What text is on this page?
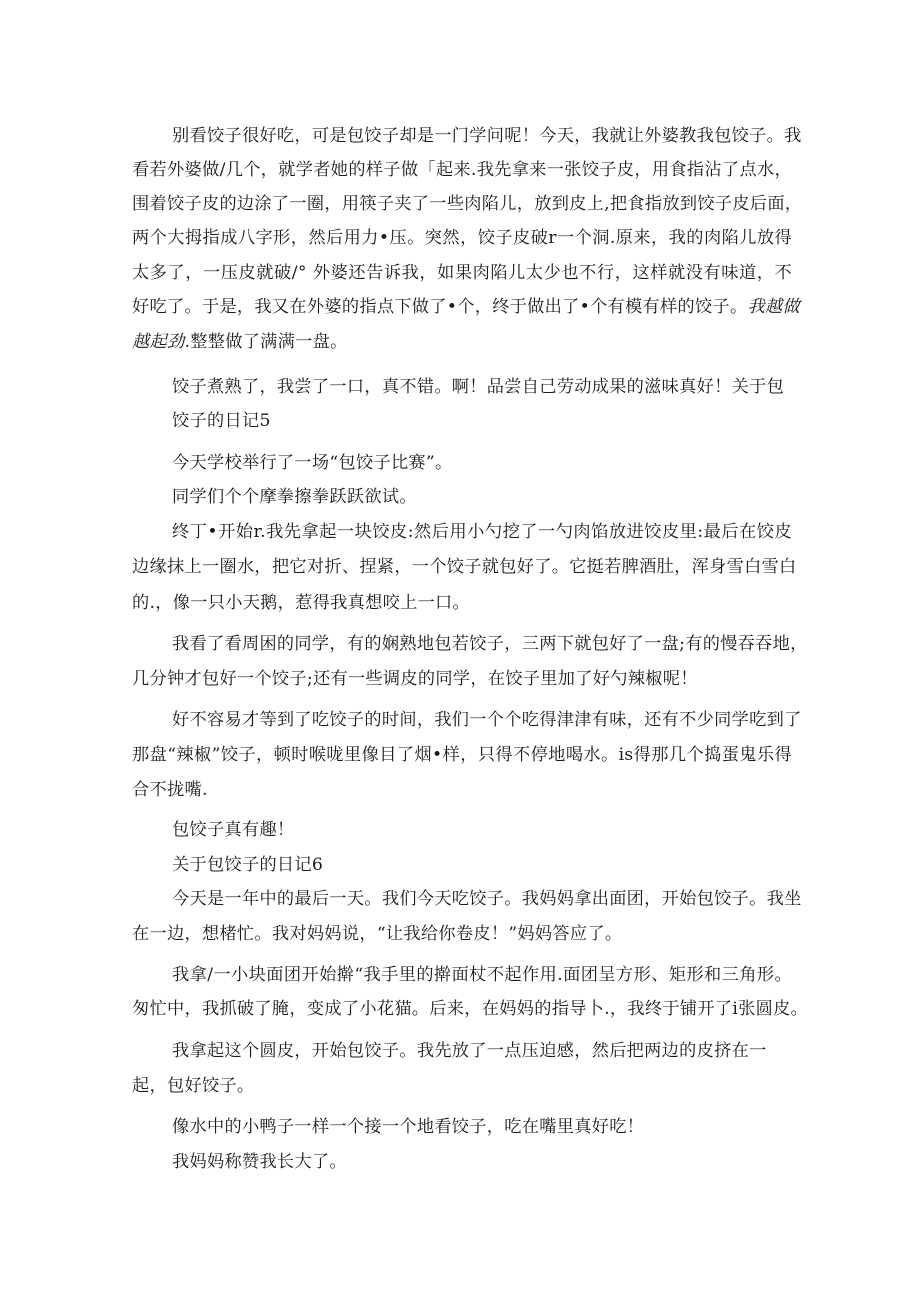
别看饺子很好吃，可是包饺子却是一门学问呢！今天，我就让外婆教我包饺子。我
看若外婆做/几个，就学者她的样子做「起来.我先拿来一张饺子皮，用食指沾了点水，
围着饺子皮的边涂了一圈，用筷子夹了一些肉陷儿，放到皮上,把食指放到饺子皮后面，
两个大拇指成八字形，然后用力•压。突然，饺子皮破r一个洞.原来，我的肉陷儿放得
太多了，一压皮就破/° 外婆还告诉我，如果肉陷儿太少也不行，这样就没有味道，不
好吃了。于是，我又在外婆的指点下做了•个，终于做出了•个有模有样的饺子。我越做
越起劲.整整做了满满一盘。
饺子煮熟了，我尝了一口，真不错。啊！品尝自己劳动成果的滋味真好！关于包
饺子的日记5
今天学校举行了一场“包饺子比赛”。
同学们个个摩拳擦拳跃跃欲试。
终丁•开始r.我先拿起一块饺皮:然后用小勺挖了一勺肉馅放进饺皮里:最后在饺皮
边缘抹上一圈水，把它对折、捏紧，一个饺子就包好了。它挺若脾酒肚，浑身雪白雪白
的.，像一只小天鹅，惹得我真想咬上一口。
我看了看周困的同学，有的娴熟地包若饺子，三两下就包好了一盘;有的慢吞吞地，
几分钟才包好一个饺子;还有一些调皮的同学，在饺子里加了好勺辣椒呢！
好不容易才等到了吃饺子的时间，我们一个个吃得津津有味，还有不少同学吃到了
那盘“辣椒”饺子，顿时喉咙里像目了烟•样，只得不停地喝水。is得那几个捣蛋鬼乐得
合不拢嘴.
包饺子真有趣！
关于包饺子的日记6
今天是一年中的最后一天。我们今天吃饺子。我妈妈拿出面团，开始包饺子。我坐
在一边，想楮忙。我对妈妈说，“让我给你卷皮！”妈妈答应了。
我拿/一小块面团开始擀“我手里的擀面杖不起作用.面团呈方形、矩形和三角形。
匆忙中，我抓破了腌，变成了小花猫。后来，在妈妈的指导卜.，我终于铺开了i张圆皮。
我拿起这个圆皮，开始包饺子。我先放了一点压迫感，然后把两边的皮挤在一
起，包好饺子。
像水中的小鸭子一样一个接一个地看饺子，吃在嘴里真好吃！
我妈妈称赞我长大了。
